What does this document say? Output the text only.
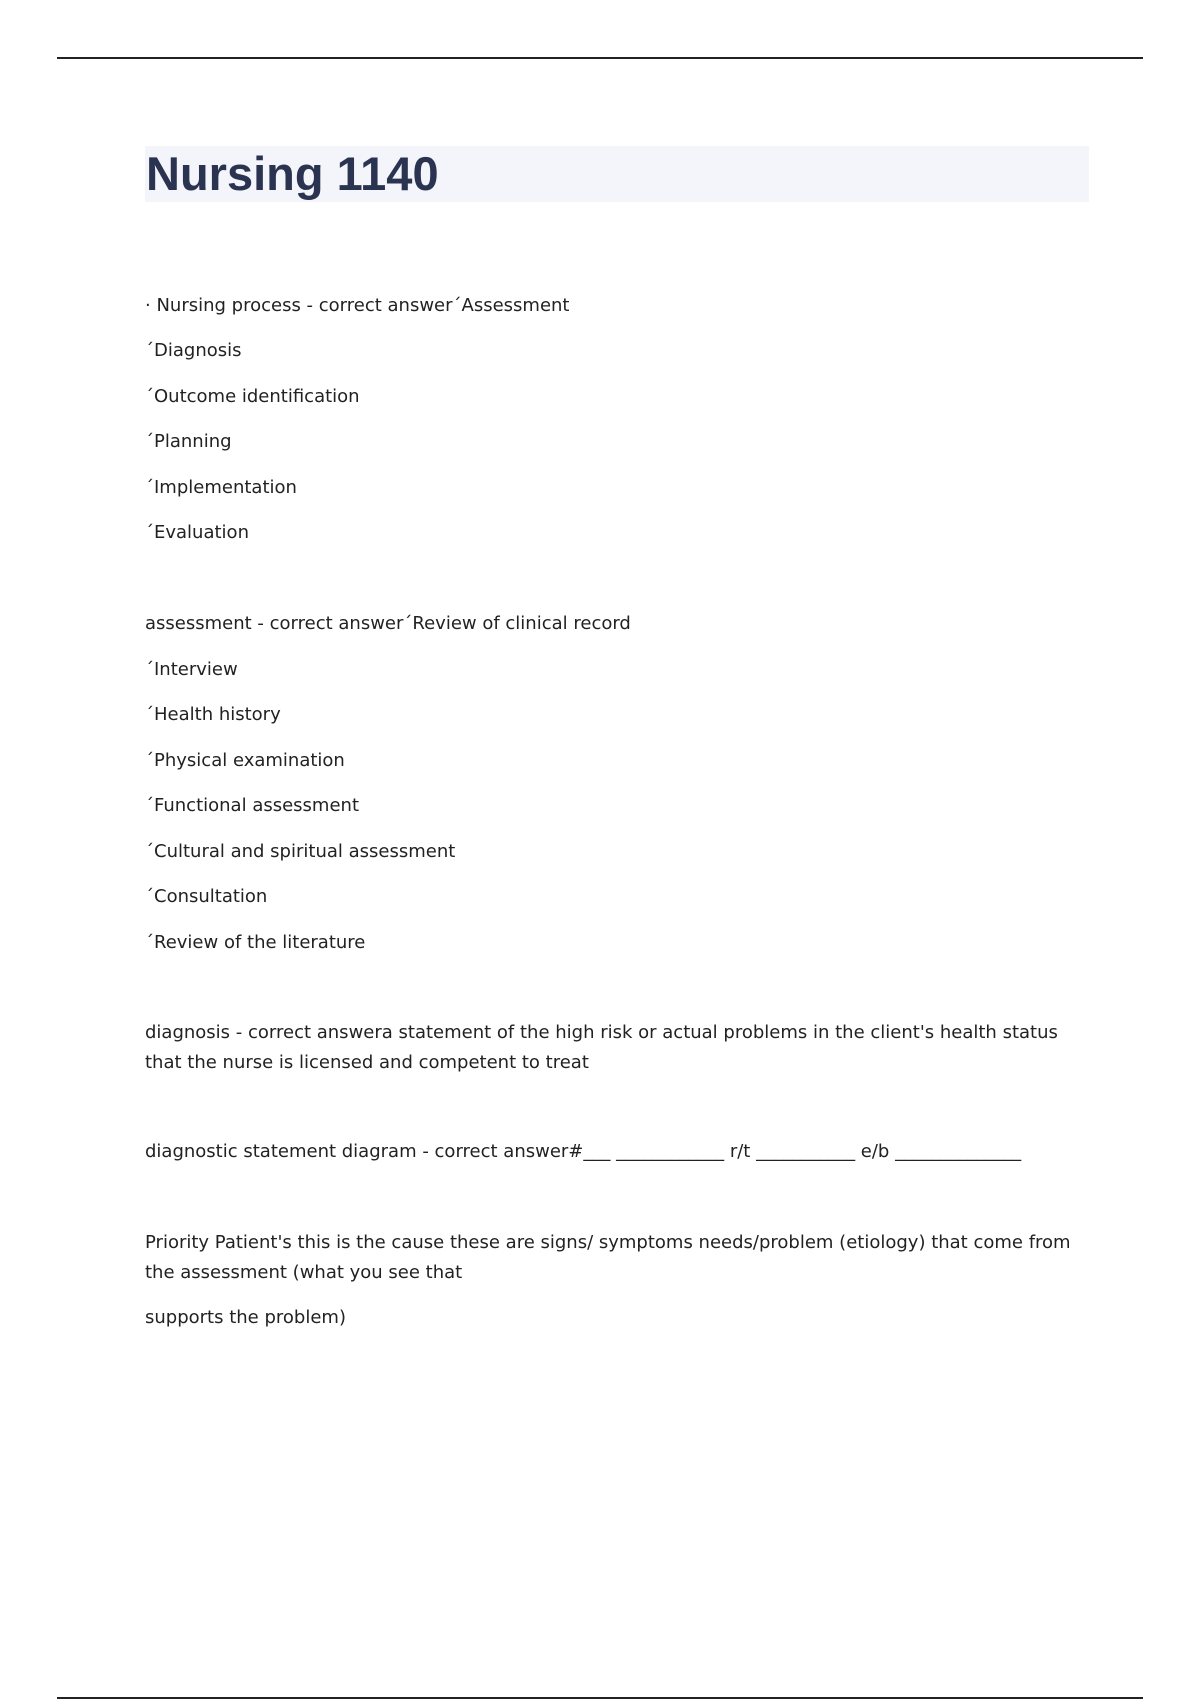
Nursing 1140

· Nursing process - correct answer´Assessment

´Diagnosis

´Outcome identification

´Planning

´Implementation

´Evaluation

assessment - correct answer´Review of clinical record

´Interview

´Health history

´Physical examination

´Functional assessment

´Cultural and spiritual assessment

´Consultation

´Review of the literature

diagnosis - correct answera statement of the high risk or actual problems in the client's health status that the nurse is licensed and competent to treat

diagnostic statement diagram - correct answer#___ ____________ r/t ___________ e/b ______________

Priority Patient's this is the cause these are signs/ symptoms needs/problem (etiology) that come from the assessment (what you see that

supports the problem)
